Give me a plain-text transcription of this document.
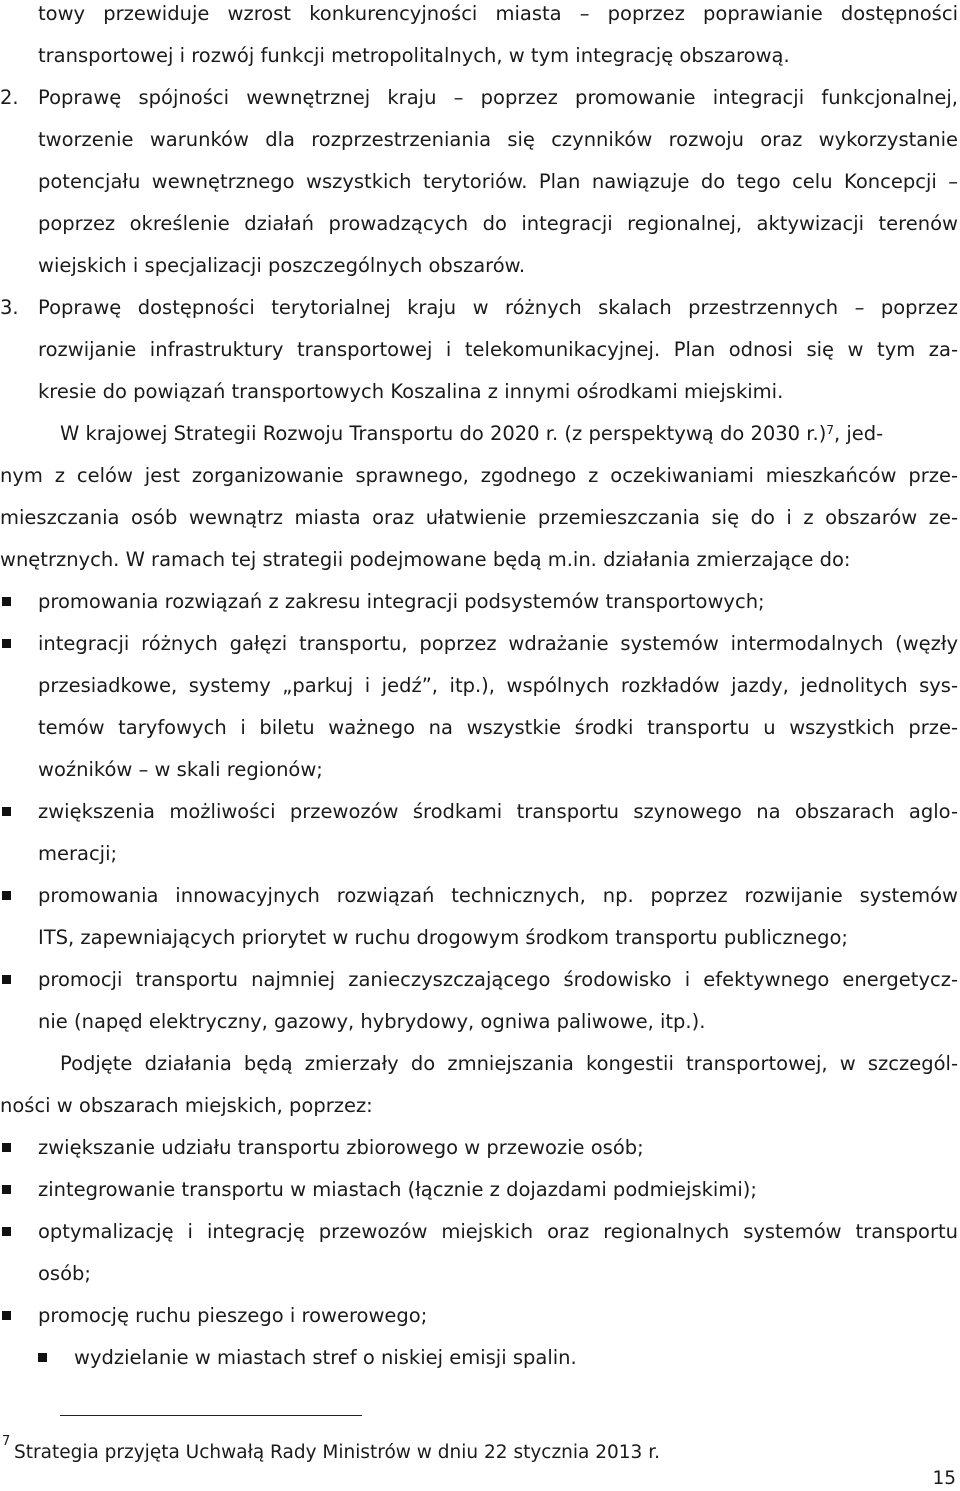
towy przewiduje wzrost konkurencyjności miasta – poprzez poprawianie dostępności
transportowej i rozwój funkcji metropolitalnych, w tym integrację obszarową.
2. Poprawę spójności wewnętrznej kraju – poprzez promowanie integracji funkcjonalnej,
tworzenie warunków dla rozprzestrzeniania się czynników rozwoju oraz wykorzystanie
potencjału wewnętrznego wszystkich terytoriów. Plan nawiązuje do tego celu Koncepcji –
poprzez określenie działań prowadzących do integracji regionalnej, aktywizacji terenów
wiejskich i specjalizacji poszczególnych obszarów.
3. Poprawę dostępności terytorialnej kraju w różnych skalach przestrzennych – poprzez
rozwijanie infrastruktury transportowej i telekomunikacyjnej. Plan odnosi się w tym za-
kresie do powiązań transportowych Koszalina z innymi ośrodkami miejskimi.
W krajowej Strategii Rozwoju Transportu do 2020 r. (z perspektywą do 2030 r.)$^7$, jed-
nym z celów jest zorganizowanie sprawnego, zgodnego z oczekiwaniami mieszkańców prze-
mieszczania osób wewnątrz miasta oraz ułatwienie przemieszczania się do i z obszarów ze-
wnętrznych. W ramach tej strategii podejmowane będą m.in. działania zmierzające do:
promowania rozwiązań z zakresu integracji podsystemów transportowych;
integracji różnych gałęzi transportu, poprzez wdrażanie systemów intermodalnych (węzły
przesiadkowe, systemy „parkuj i jedź”, itp.), wspólnych rozkładów jazdy, jednolitych sys-
temów taryfowych i biletu ważnego na wszystkie środki transportu u wszystkich prze-
woźników – w skali regionów;
zwiększenia możliwości przewozów środkami transportu szynowego na obszarach aglo-
meracji;
promowania innowacyjnych rozwiązań technicznych, np. poprzez rozwijanie systemów
ITS, zapewniających priorytet w ruchu drogowym środkom transportu publicznego;
promocji transportu najmniej zanieczyszczającego środowisko i efektywnego energetycz-
nie (napęd elektryczny, gazowy, hybrydowy, ogniwa paliwowe, itp.).
Podjęte działania będą zmierzały do zmniejszania kongestii transportowej, w szczegól-
ności w obszarach miejskich, poprzez:
zwiększanie udziału transportu zbiorowego w przewozie osób;
zintegrowanie transportu w miastach (łącznie z dojazdami podmiejskimi);
optymalizację i integrację przewozów miejskich oraz regionalnych systemów transportu
osób;
promocję ruchu pieszego i rowerowego;
wydzielanie w miastach stref o niskiej emisji spalin.
7
Strategia przyjęta Uchwałą Rady Ministrów w dniu 22 stycznia 2013 r.
15
